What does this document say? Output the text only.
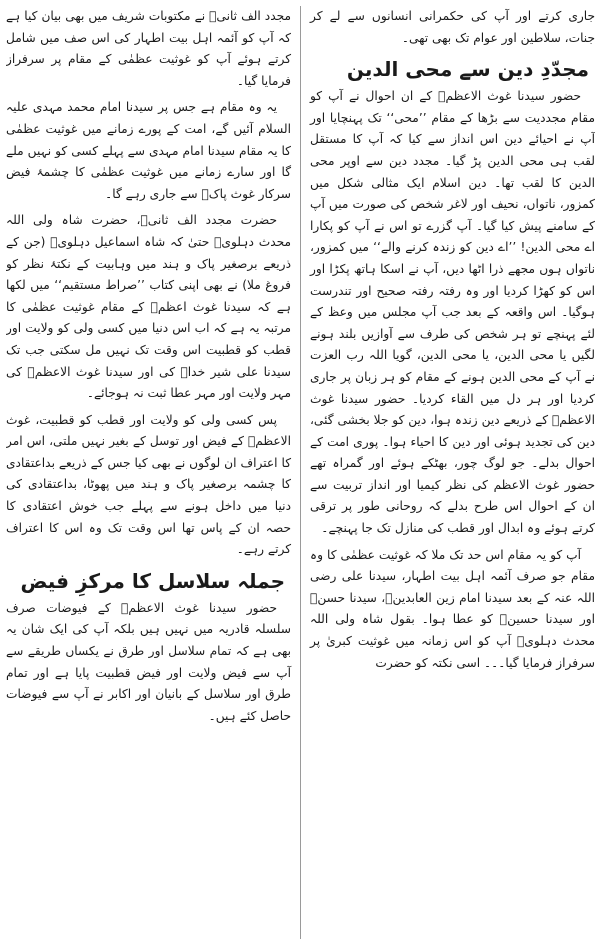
جاری کرتے اور آپ کی حکمرانی انسانوں سے لے کر جنات، سلاطین اور عوام تک بھی تھی۔

مجدّدِ دین سے محی الدین

حضور سیدنا غوث الاعظمؓ کے ان احوال نے آپ کو مقام مجددیت سے بڑھا کے مقام ’’محی‘‘ تک پہنچایا اور آپ نے احیائے دین اس انداز سے کیا کہ آپ کا مستقل لقب ہی محی الدین پڑ گیا۔ مجدد دین سے اوپر محی الدین کا لقب تھا۔ دین اسلام ایک مثالی شکل میں کمزور، ناتواں، نحیف اور لاغر شخص کی صورت میں آپ کے سامنے پیش کیا گیا۔ آپ گزرے تو اس نے آپ کو پکارا اے محی الدین! ’’اے دین کو زندہ کرنے والے‘‘ میں کمزور، ناتواں ہوں مجھے ذرا اٹھا دیں، آپ نے اسکا ہاتھ پکڑا اور اس کو کھڑا کردیا اور وہ رفتہ رفتہ صحیح اور تندرست ہوگیا۔ اس واقعہ کے بعد جب آپ مجلس میں وعظ کے لئے پہنچے تو ہر شخص کی طرف سے آوازیں بلند ہونے لگیں یا محی الدین، یا محی الدین، گویا اللہ رب العزت نے آپ کے محی الدین ہونے کے مقام کو ہر زبان پر جاری کردیا اور ہر دل میں القاء کردیا۔ حضور سیدنا غوث الاعظمؓ کے ذریعے دین زندہ ہوا، دین کو جلا بخشی گئی، دین کی تجدید ہوئی اور دین کا احیاء ہوا۔ پوری امت کے احوال بدلے۔ جو لوگ چور، بھٹکے ہوئے اور گمراہ تھے حضور غوث الاعظم کی نظر کیمیا اور انداز تربیت سے ان کے احوال اس طرح بدلے کہ روحانی طور پر ترقی کرتے ہوئے وہ ابدال اور قطب کی منازل تک جا پہنچے۔

آپ کو یہ مقام اس حد تک ملا کہ غوثیت عظمٰی کا وہ مقام جو صرف آئمہ اہل بیت اطہار، سیدنا علی رضی اللہ عنہ کے بعد سیدنا امام زین العابدینؓ، سیدنا حسنؓ اور سیدنا حسینؓ کو عطا ہوا۔ بقول شاہ ولی اللہ محدث دہلویؒ آپ کو اس زمانہ میں غوثیت کبریٰ پر سرفراز فرمایا گیا۔۔۔ اسی نکتہ کو حضرت

مجدد الف ثانیؒ نے مکتوبات شریف میں بھی بیان کیا ہے کہ آپ کو آئمہ اہل بیت اطہار کی اس صف میں شامل کرتے ہوئے آپ کو غوثیت عظمٰی کے مقام پر سرفراز فرمایا گیا۔

یہ وہ مقام ہے جس پر سیدنا امام محمد مہدی علیہ السلام آئیں گے، امت کے پورے زمانے میں غوثیت عظمٰی کا یہ مقام سیدنا امام مہدی سے پہلے کسی کو نہیں ملے گا اور سارے زمانے میں غوثیت عظمٰی کا چشمۂ فیض سرکار غوث پاکؓ سے جاری رہے گا۔

حضرت مجدد الف ثانیؒ، حضرت شاہ ولی اللہ محدث دہلویؒ حتیٰ کہ شاہ اسماعیل دہلویؒ (جن کے ذریعے برصغیر پاک و ہند میں وہابیت کے نکتۂ نظر کو فروغ ملا) نے بھی اپنی کتاب ’’صراط مستقیم‘‘ میں لکھا ہے کہ سیدنا غوث اعظمؓ کے مقام غوثیت عظمٰی کا مرتبہ یہ ہے کہ اب اس دنیا میں کسی ولی کو ولایت اور قطب کو قطبیت اس وقت تک نہیں مل سکتی جب تک سیدنا علی شیر خداؓ کی اور سیدنا غوث الاعظمؓ کی مہر ولایت اور مہر عطا ثبت نہ ہوجائے۔

پس کسی ولی کو ولایت اور قطب کو قطبیت، غوث الاعظمؓ کے فیض اور توسل کے بغیر نہیں ملتی، اس امر کا اعتراف ان لوگوں نے بھی کیا جس کے ذریعے بداعتقادی کا چشمہ برصغیر پاک و ہند میں پھوٹا، بداعتقادی کی دنیا میں داخل ہونے سے پہلے جب خوش اعتقادی کا حصہ ان کے پاس تھا اس وقت تک وہ اس کا اعتراف کرتے رہے۔

جملہ سلاسل کا مرکزِ فیض

حضور سیدنا غوث الاعظمؓ کے فیوضات صرف سلسلہ قادریہ میں نہیں ہیں بلکہ آپ کی ایک شان یہ بھی ہے کہ تمام سلاسل اور طرق نے یکساں طریقے سے آپ سے فیض ولایت اور فیض قطبیت پایا ہے اور تمام طرق اور سلاسل کے بانیان اور اکابر نے آپ سے فیوضات حاصل کئے ہیں۔
